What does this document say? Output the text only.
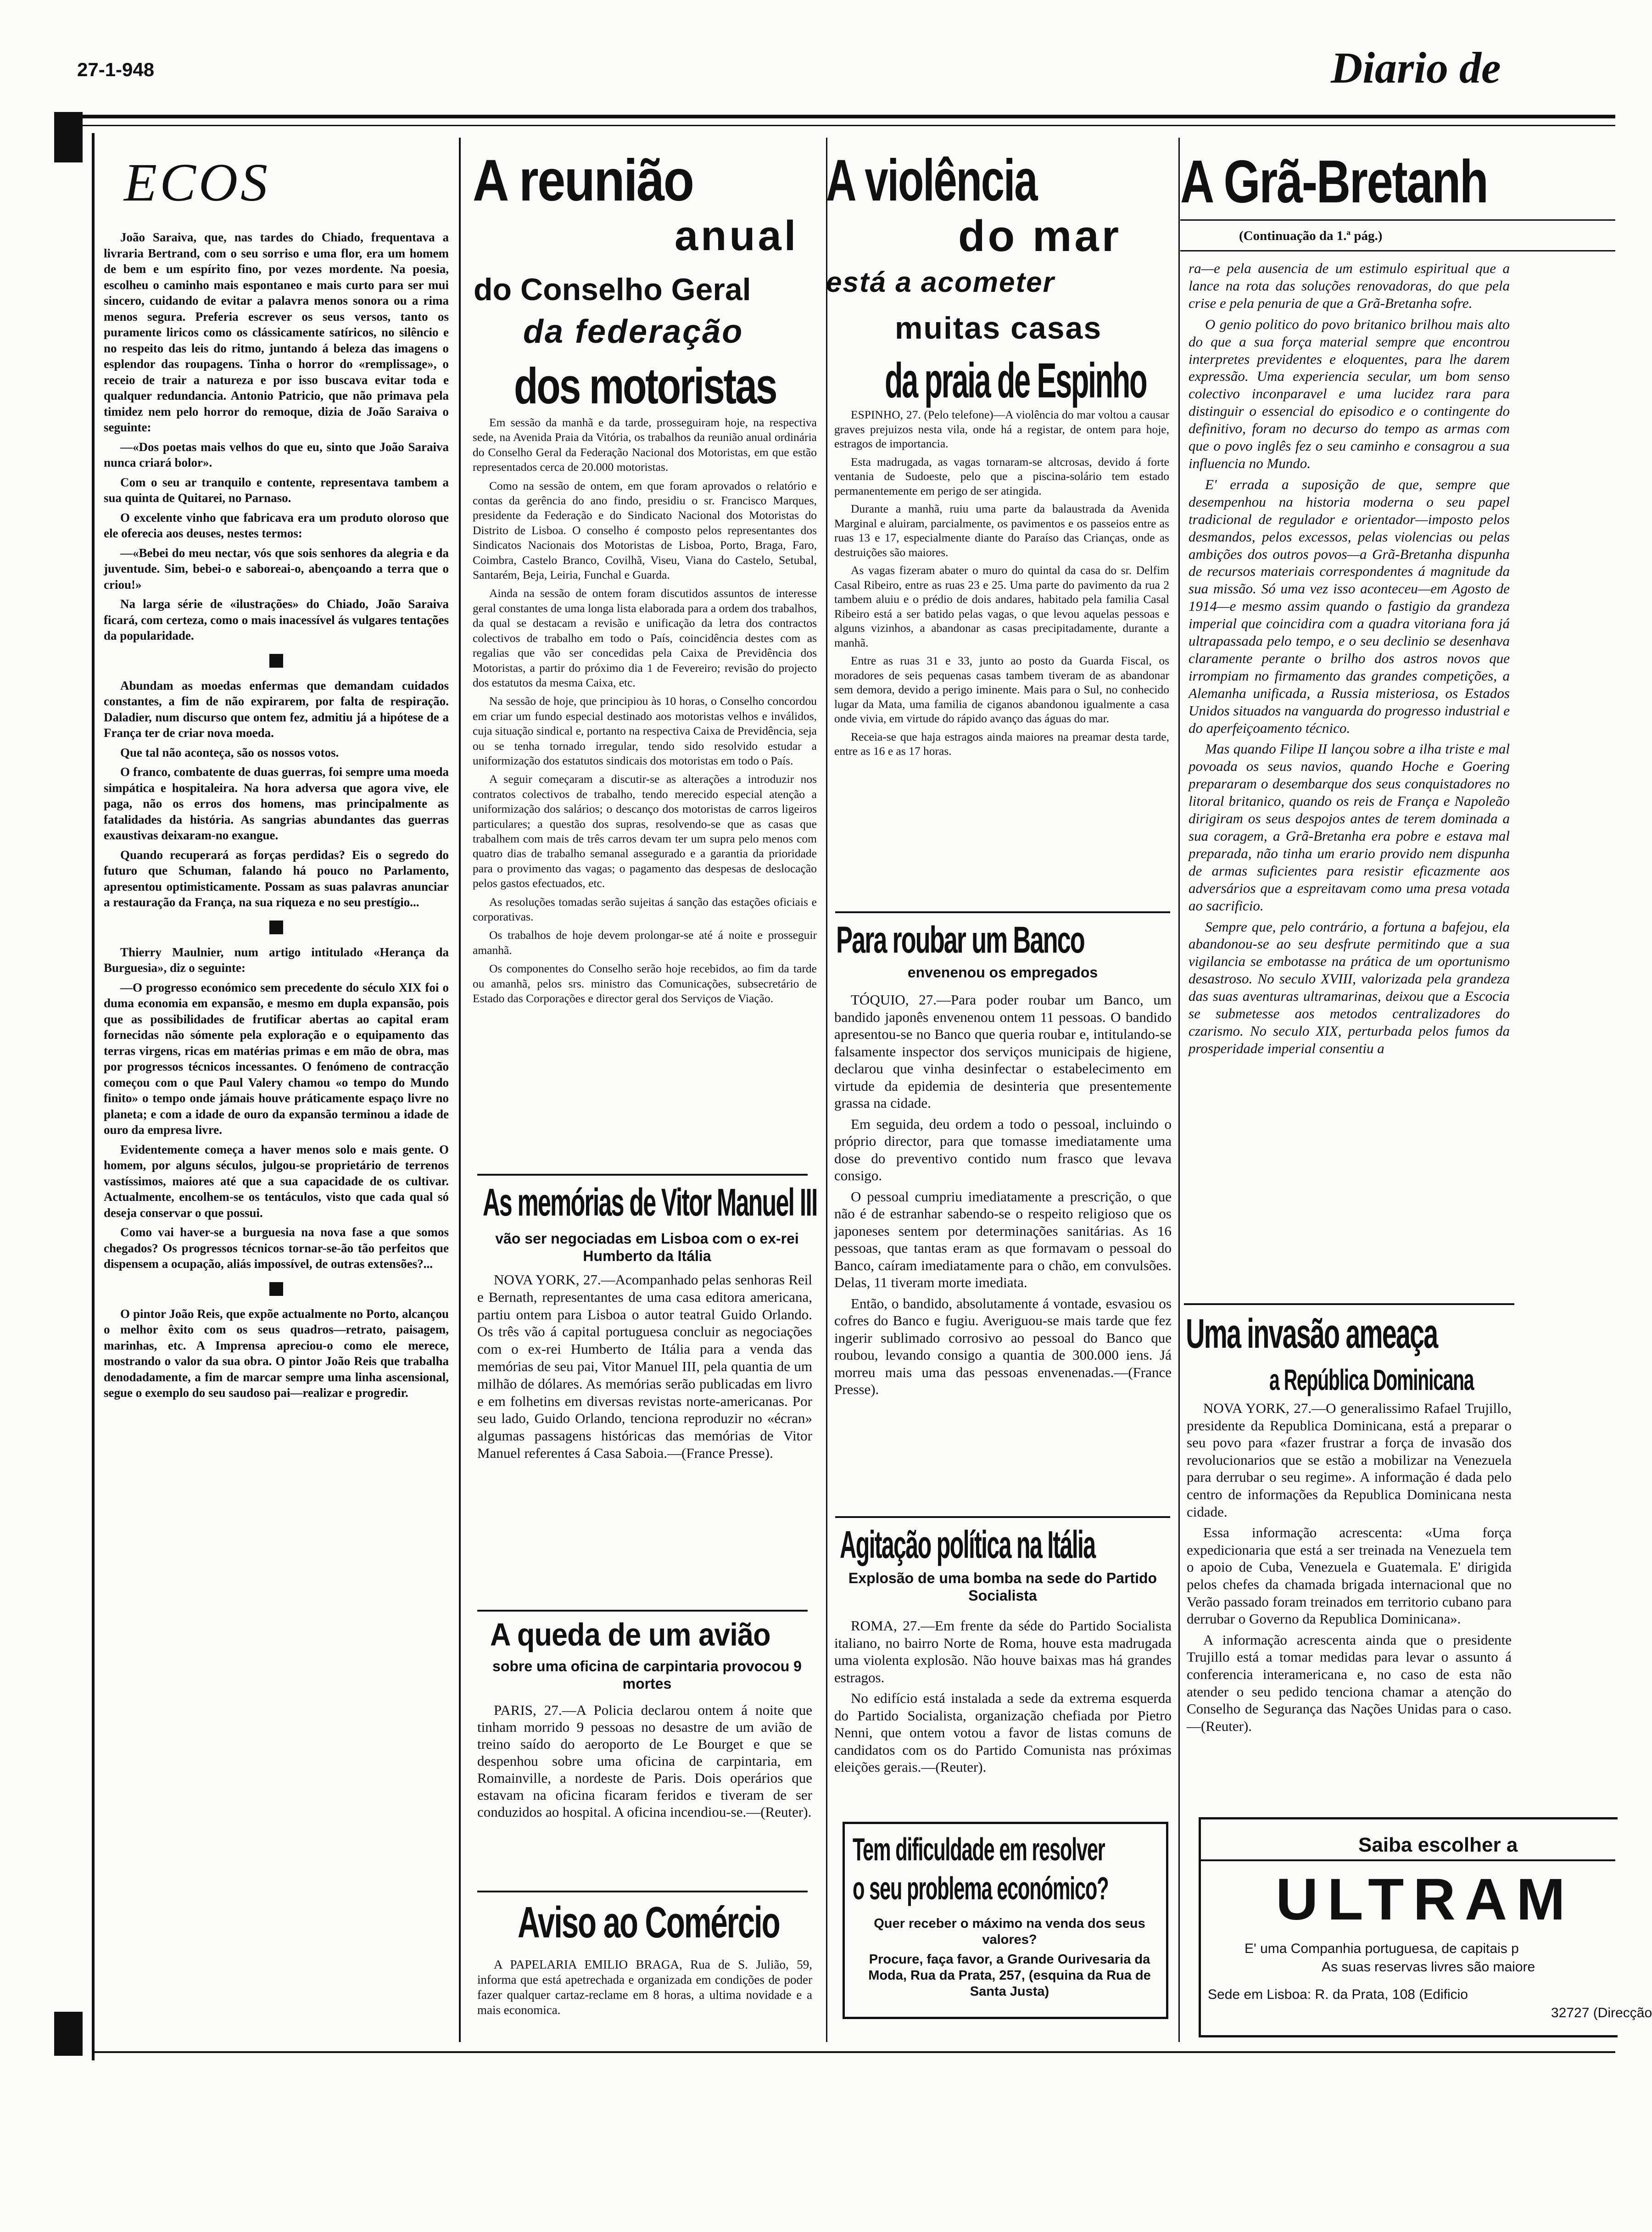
27-1-948	Diario de
ECOS

João Saraiva, que, nas tardes do Chiado, frequentava a livraria Bertrand, com o seu sorriso e uma flor, era um homem de bem e um espírito fino, por vezes mordente. Na poesia, escolheu o caminho mais espontaneo e mais curto para ser mui sincero, cuidando de evitar a palavra menos sonora ou a rima menos segura. Preferia escrever os seus versos, tanto os puramente liricos como os clássicamente satíricos, no silêncio e no respeito das leis do ritmo, juntando á beleza das imagens o esplendor das roupagens. Tinha o horror do «remplissage», o receio de trair a natureza e por isso buscava evitar toda e qualquer redundancia. Antonio Patricio, que não primava pela timidez nem pelo horror do remoque, dizia de João Saraiva o seguinte:

—«Dos poetas mais velhos do que eu, sinto que João Saraiva nunca criará bolor».

Com o seu ar tranquilo e contente, representava tambem a sua quinta de Quitarei, no Parnaso.

O excelente vinho que fabricava era um produto oloroso que ele oferecia aos deuses, nestes termos:

—«Bebei do meu nectar, vós que sois senhores da alegria e da juventude. Sim, bebei-o e saboreai-o, abençoando a terra que o criou!»

Na larga série de «ilustrações» do Chiado, João Saraiva ficará, com certeza, como o mais inacessível ás vulgares tentações da popularidade.

Abundam as moedas enfermas que demandam cuidados constantes, a fim de não expirarem, por falta de respiração. Daladier, num discurso que ontem fez, admitiu já a hipótese de a França ter de criar nova moeda.

Que tal não aconteça, são os nossos votos.

O franco, combatente de duas guerras, foi sempre uma moeda simpática e hospitaleira. Na hora adversa que agora vive, ele paga, não os erros dos homens, mas principalmente as fatalidades da história. As sangrias abundantes das guerras exaustivas deixaram-no exangue.

Quando recuperará as forças perdidas? Eis o segredo do futuro que Schuman, falando há pouco no Parlamento, apresentou optimisticamente. Possam as suas palavras anunciar a restauração da França, na sua riqueza e no seu prestígio...

Thierry Maulnier, num artigo intitulado «Herança da Burguesia», diz o seguinte:

—O progresso económico sem precedente do século XIX foi o duma economia em expansão, e mesmo em dupla expansão, pois que as possibilidades de frutificar abertas ao capital eram fornecidas não sómente pela exploração e o equipamento das terras virgens, ricas em matérias primas e em mão de obra, mas por progressos técnicos incessantes. O fenómeno de contracção começou com o que Paul Valery chamou «o tempo do Mundo finito» o tempo onde jámais houve práticamente espaço livre no planeta; e com a idade de ouro da expansão terminou a idade de ouro da empresa livre.

Evidentemente começa a haver menos solo e mais gente. O homem, por alguns séculos, julgou-se proprietário de terrenos vastíssimos, maiores até que a sua capacidade de os cultivar. Actualmente, encolhem-se os tentáculos, visto que cada qual só deseja conservar o que possui.

Como vai haver-se a burguesia na nova fase a que somos chegados? Os progressos técnicos tornar-se-ão tão perfeitos que dispensem a ocupação, aliás impossível, de outras extensões?...

O pintor João Reis, que expõe actualmente no Porto, alcançou o melhor êxito com os seus quadros—retrato, paisagem, marinhas, etc. A Imprensa apreciou-o como ele merece, mostrando o valor da sua obra. O pintor João Reis que trabalha denodadamente, a fim de marcar sempre uma linha ascensional, segue o exemplo do seu saudoso pai—realizar e progredir.

A reunião
anual
do Conselho Geral
da federação
dos motoristas

Em sessão da manhã e da tarde, prosseguiram hoje, na respectiva sede, na Avenida Praia da Vitória, os trabalhos da reunião anual ordinária do Conselho Geral da Federação Nacional dos Motoristas, em que estão representados cerca de 20.000 motoristas.

Como na sessão de ontem, em que foram aprovados o relatório e contas da gerência do ano findo, presidiu o sr. Francisco Marques, presidente da Federação e do Sindicato Nacional dos Motoristas do Distrito de Lisboa. O conselho é composto pelos representantes dos Sindicatos Nacionais dos Motoristas de Lisboa, Porto, Braga, Faro, Coimbra, Castelo Branco, Covilhã, Viseu, Viana do Castelo, Setubal, Santarém, Beja, Leiria, Funchal e Guarda.

Ainda na sessão de ontem foram discutidos assuntos de interesse geral constantes de uma longa lista elaborada para a ordem dos trabalhos, da qual se destacam a revisão e unificação da letra dos contractos colectivos de trabalho em todo o País, coincidência destes com as regalias que vão ser concedidas pela Caixa de Previdência dos Motoristas, a partir do próximo dia 1 de Fevereiro; revisão do projecto dos estatutos da mesma Caixa, etc.

Na sessão de hoje, que principiou às 10 horas, o Conselho concordou em criar um fundo especial destinado aos motoristas velhos e inválidos, cuja situação sindical e, portanto na respectiva Caixa de Previdência, seja ou se tenha tornado irregular, tendo sido resolvido estudar a uniformização dos estatutos sindicais dos motoristas em todo o País.

A seguir começaram a discutir-se as alterações a introduzir nos contratos colectivos de trabalho, tendo merecido especial atenção a uniformização dos salários; o descanço dos motoristas de carros ligeiros particulares; a questão dos supras, resolvendo-se que as casas que trabalhem com mais de três carros devam ter um supra pelo menos com quatro dias de trabalho semanal assegurado e a garantia da prioridade para o provimento das vagas; o pagamento das despesas de deslocação pelos gastos efectuados, etc.

As resoluções tomadas serão sujeitas á sanção das estações oficiais e corporativas.

Os trabalhos de hoje devem prolongar-se até á noite e prosseguir amanhã.

Os componentes do Conselho serão hoje recebidos, ao fim da tarde ou amanhã, pelos srs. ministro das Comunicações, subsecretário de Estado das Corporações e director geral dos Serviços de Viação.

As memórias de Vitor Manuel III
vão ser negociadas em Lisboa com o ex-rei Humberto da Itália

NOVA YORK, 27.—Acompanhado pelas senhoras Reil e Bernath, representantes de uma casa editora americana, partiu ontem para Lisboa o autor teatral Guido Orlando. Os três vão á capital portuguesa concluir as negociações com o ex-rei Humberto de Itália para a venda das memórias de seu pai, Vitor Manuel III, pela quantia de um milhão de dólares. As memórias serão publicadas em livro e em folhetins em diversas revistas norte-americanas. Por seu lado, Guido Orlando, tenciona reproduzir no «écran» algumas passagens históricas das memórias de Vitor Manuel referentes á Casa Saboia.—(France Presse).

A queda de um avião
sobre uma oficina de carpintaria provocou 9 mortes

PARIS, 27.—A Policia declarou ontem á noite que tinham morrido 9 pessoas no desastre de um avião de treino saído do aeroporto de Le Bourget e que se despenhou sobre uma oficina de carpintaria, em Romainville, a nordeste de Paris. Dois operários que estavam na oficina ficaram feridos e tiveram de ser conduzidos ao hospital. A oficina incendiou-se.—(Reuter).

Aviso ao Comércio

A PAPELARIA EMILIO BRAGA, Rua de S. Julião, 59, informa que está apetrechada e organizada em condições de poder fazer qualquer cartaz-reclame em 8 horas, a ultima novidade e a mais economica.

A violência
do mar
está a acometer
muitas casas
da praia de Espinho

ESPINHO, 27. (Pelo telefone)—A violência do mar voltou a causar graves prejuizos nesta vila, onde há a registar, de ontem para hoje, estragos de importancia.

Esta madrugada, as vagas tornaram-se altcrosas, devido á forte ventania de Sudoeste, pelo que a piscina-solário tem estado permanentemente em perigo de ser atingida.

Durante a manhã, ruiu uma parte da balaustrada da Avenida Marginal e aluiram, parcialmente, os pavimentos e os passeios entre as ruas 13 e 17, especialmente diante do Paraíso das Crianças, onde as destruições são maiores.

As vagas fizeram abater o muro do quintal da casa do sr. Delfim Casal Ribeiro, entre as ruas 23 e 25. Uma parte do pavimento da rua 2 tambem aluiu e o prédio de dois andares, habitado pela familia Casal Ribeiro está a ser batido pelas vagas, o que levou aquelas pessoas e alguns vizinhos, a abandonar as casas precipitadamente, durante a manhã.

Entre as ruas 31 e 33, junto ao posto da Guarda Fiscal, os moradores de seis pequenas casas tambem tiveram de as abandonar sem demora, devido a perigo iminente. Mais para o Sul, no conhecido lugar da Mata, uma familia de ciganos abandonou igualmente a casa onde vivia, em virtude do rápido avanço das águas do mar.

Receia-se que haja estragos ainda maiores na preamar desta tarde, entre as 16 e as 17 horas.

Para roubar um Banco
envenenou os empregados

TÓQUIO, 27.—Para poder roubar um Banco, um bandido japonês envenenou ontem 11 pessoas. O bandido apresentou-se no Banco que queria roubar e, intitulando-se falsamente inspector dos serviços municipais de higiene, declarou que vinha desinfectar o estabelecimento em virtude da epidemia de desinteria que presentemente grassa na cidade.

Em seguida, deu ordem a todo o pessoal, incluindo o próprio director, para que tomasse imediatamente uma dose do preventivo contido num frasco que levava consigo.

O pessoal cumpriu imediatamente a prescrição, o que não é de estranhar sabendo-se o respeito religioso que os japoneses sentem por determinações sanitárias. As 16 pessoas, que tantas eram as que formavam o pessoal do Banco, caíram imediatamente para o chão, em convulsões. Delas, 11 tiveram morte imediata.

Então, o bandido, absolutamente á vontade, esvasiou os cofres do Banco e fugiu. Averiguou-se mais tarde que fez ingerir sublimado corrosivo ao pessoal do Banco que roubou, levando consigo a quantia de 300.000 iens. Já morreu mais uma das pessoas envenenadas.—(France Presse).

Agitação política na Itália
Explosão de uma bomba na sede do Partido Socialista

ROMA, 27.—Em frente da séde do Partido Socialista italiano, no bairro Norte de Roma, houve esta madrugada uma violenta explosão. Não houve baixas mas há grandes estragos.

No edifício está instalada a sede da extrema esquerda do Partido Socialista, organização chefiada por Pietro Nenni, que ontem votou a favor de listas comuns de candidatos com os do Partido Comunista nas próximas eleições gerais.—(Reuter).

Tem dificuldade em resolver
o seu problema económico?

Quer receber o máximo na venda dos seus valores?

Procure, faça favor, a Grande Ourivesaria da Moda, Rua da Prata, 257, (esquina da Rua de Santa Justa)

A Grã-Bretanh
(Continuação da 1.ª pág.)

ra—e pela ausencia de um estimulo espiritual que a lance na rota das soluções renovadoras, do que pela crise e pela penuria de que a Grã-Bretanha sofre.

O genio politico do povo britanico brilhou mais alto do que a sua força material sempre que encontrou interpretes previdentes e eloquentes, para lhe darem expressão. Uma experiencia secular, um bom senso colectivo inconparavel e uma lucidez rara para distinguir o essencial do episodico e o contingente do definitivo, foram no decurso do tempo as armas com que o povo inglês fez o seu caminho e consagrou a sua influencia no Mundo.

E' errada a suposição de que, sempre que desempenhou na historia moderna o seu papel tradicional de regulador e orientador—imposto pelos desmandos, pelos excessos, pelas violencias ou pelas ambições dos outros povos—a Grã-Bretanha dispunha de recursos materiais correspondentes á magnitude da sua missão. Só uma vez isso aconteceu—em Agosto de 1914—e mesmo assim quando o fastigio da grandeza imperial que coincidira com a quadra vitoriana fora já ultrapassada pelo tempo, e o seu declinio se desenhava claramente perante o brilho dos astros novos que irrompiam no firmamento das grandes competições, a Alemanha unificada, a Russia misteriosa, os Estados Unidos situados na vanguarda do progresso industrial e do aperfeiçoamento técnico.

Mas quando Filipe II lançou sobre a ilha triste e mal povoada os seus navios, quando Hoche e Goering prepararam o desembarque dos seus conquistadores no litoral britanico, quando os reis de França e Napoleão dirigiram os seus despojos antes de terem dominada a sua coragem, a Grã-Bretanha era pobre e estava mal preparada, não tinha um erario provido nem dispunha de armas suficientes para resistir eficazmente aos adversários que a espreitavam como uma presa votada ao sacrificio.

Sempre que, pelo contrário, a fortuna a bafejou, ela abandonou-se ao seu desfrute permitindo que a sua vigilancia se embotasse na prática de um oportunismo desastroso. No seculo XVIII, valorizada pela grandeza das suas aventuras ultramarinas, deixou que a Escocia se submetesse aos metodos centralizadores do czarismo. No seculo XIX, perturbada pelos fumos da prosperidade imperial consentiu a

Uma invasão ameaça
a República Dominicana

NOVA YORK, 27.—O generalissimo Rafael Trujillo, presidente da Republica Dominicana, está a preparar o seu povo para «fazer frustrar a força de invasão dos revolucionarios que se estão a mobilizar na Venezuela para derrubar o seu regime». A informação é dada pelo centro de informações da Republica Dominicana nesta cidade.

Essa informação acrescenta: «Uma força expedicionaria que está a ser treinada na Venezuela tem o apoio de Cuba, Venezuela e Guatemala. E' dirigida pelos chefes da chamada brigada internacional que no Verão passado foram treinados em territorio cubano para derrubar o Governo da Republica Dominicana».

A informação acrescenta ainda que o presidente Trujillo está a tomar medidas para levar o assunto á conferencia interamericana e, no caso de esta não atender o seu pedido tenciona chamar a atenção do Conselho de Segurança das Nações Unidas para o caso.—(Reuter).

Saiba escolher a
ULTRAM
E' uma Companhia portuguesa, de capitais p
As suas reservas livres são maiore
Sede em Lisboa: R. da Prata, 108 (Edificio
32727 (Direcção
